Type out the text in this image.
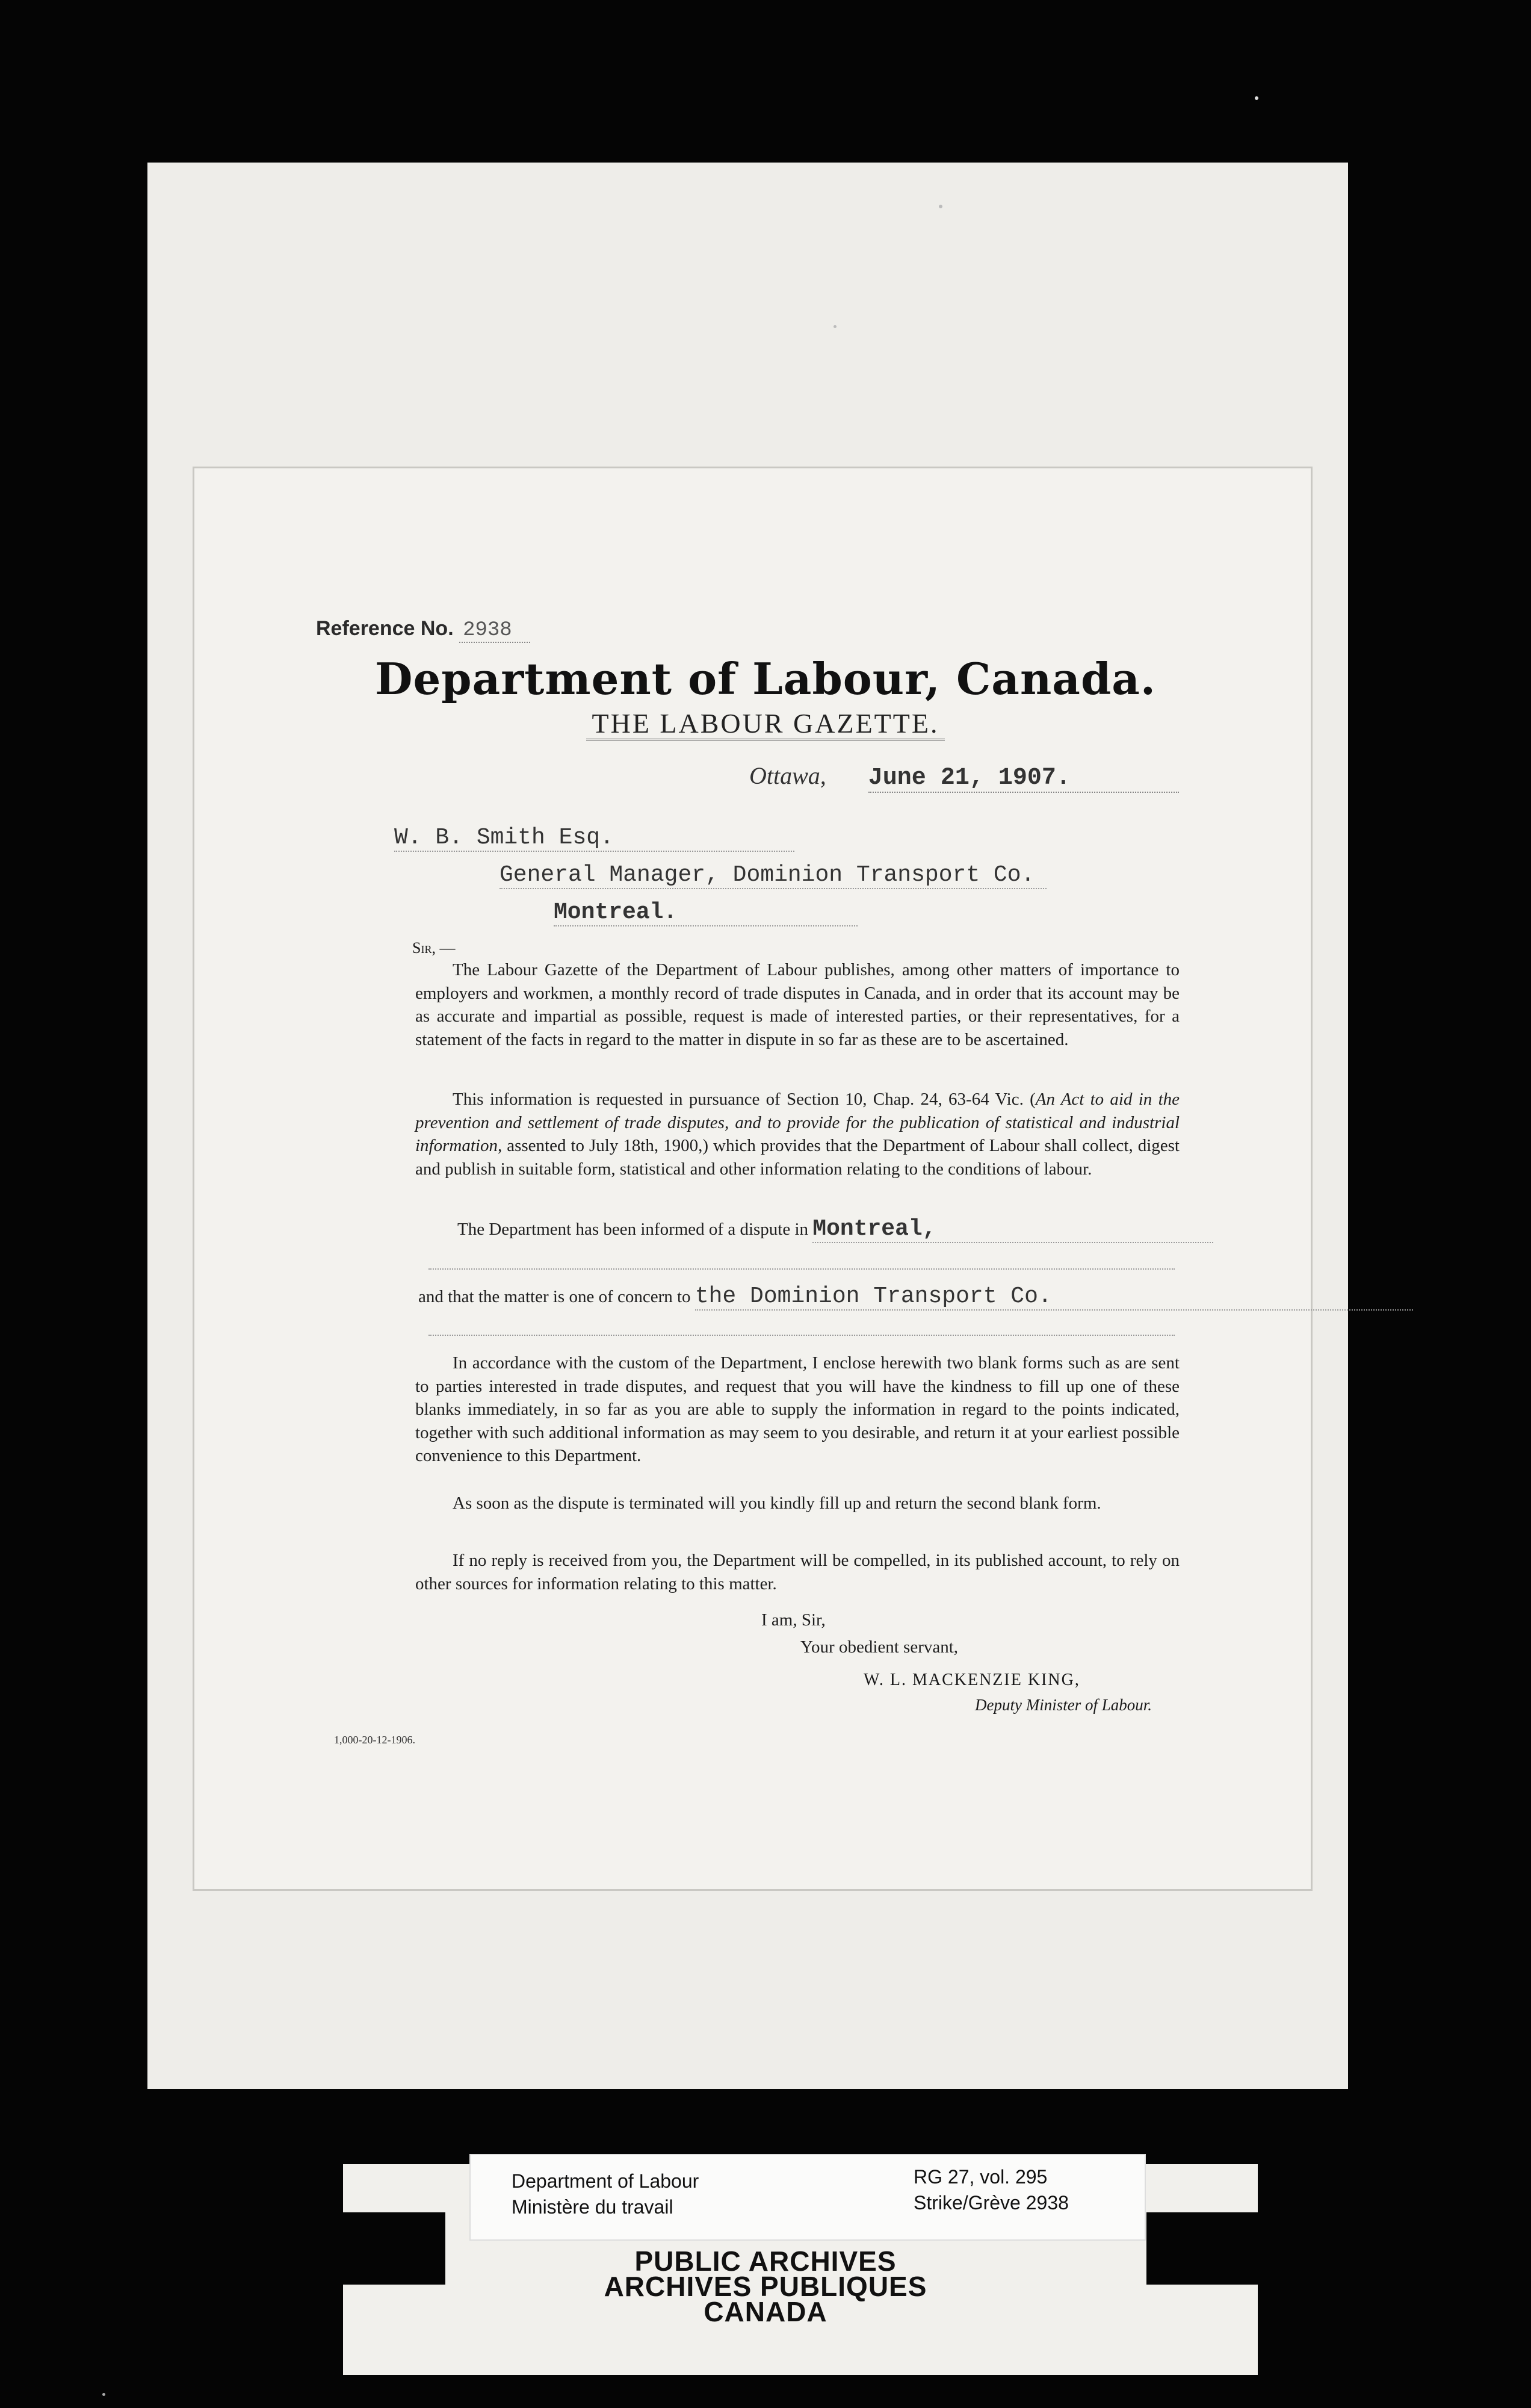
Reference No. 2938
Department of Labour, Canada.
THE LABOUR GAZETTE.
Ottawa, June 21, 1907.
W. B. Smith Esq.
General Manager, Dominion Transport Co.
Montreal.
Sir, —
The Labour Gazette of the Department of Labour publishes, among other matters of importance to employers and workmen, a monthly record of trade disputes in Canada, and in order that its account may be as accurate and impartial as possible, request is made of interested parties, or their representatives, for a statement of the facts in regard to the matter in dispute in so far as these are to be ascertained.
This information is requested in pursuance of Section 10, Chap. 24, 63-64 Vic. (An Act to aid in the prevention and settlement of trade disputes, and to provide for the publication of statistical and industrial information, assented to July 18th, 1900,) which provides that the Department of Labour shall collect, digest and publish in suitable form, statistical and other information relating to the conditions of labour.
The Department has been informed of a dispute in Montreal,
and that the matter is one of concern to the Dominion Transport Co.
In accordance with the custom of the Department, I enclose herewith two blank forms such as are sent to parties interested in trade disputes, and request that you will have the kindness to fill up one of these blanks immediately, in so far as you are able to supply the information in regard to the points indicated, together with such additional information as may seem to you desirable, and return it at your earliest possible convenience to this Department.
As soon as the dispute is terminated will you kindly fill up and return the second blank form.
If no reply is received from you, the Department will be compelled, in its published account, to rely on other sources for information relating to this matter.
I am, Sir,
Your obedient servant,
W. L. MACKENZIE KING,
Deputy Minister of Labour.
1,000-20-12-1906.
Department of Labour
Ministère du travail
RG 27, vol. 295
Strike/Grève 2938
PUBLIC ARCHIVES
ARCHIVES PUBLIQUES
CANADA
